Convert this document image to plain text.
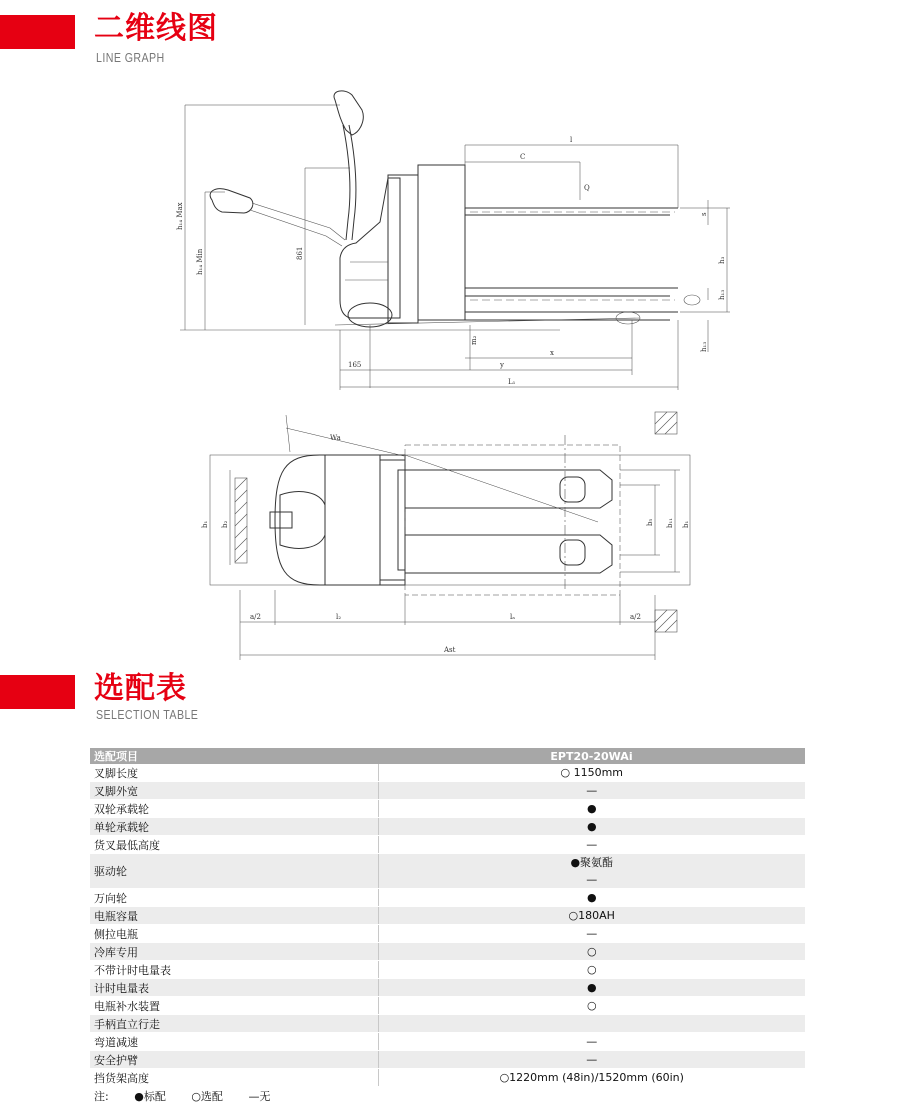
二维线图
LINE GRAPH
h₁₄ Max
h₁₄ Min	861
l
C
Q
h₃
s
h₁₃
h₁₃
m₂
x
y
165
L₁
Wa
b₁ b₂	b₅ b₁₁ b₁
a/2	l₂	lₐ	a/2
Ast
选配表
SELECTION TABLE
选配项目	EPT20-20WAi
叉脚长度	○ 1150mm
叉脚外宽	—
双轮承载轮	●
单轮承载轮	●
货叉最低高度	—
驱动轮	●聚氨酯
—

万向轮	●
电瓶容量	○180AH
侧拉电瓶	—
冷库专用	○
不带计时电量表	○
计时电量表	●
电瓶补水装置	○
手柄直立行走	
弯道减速	—
安全护臂	—
挡货架高度	○1220mm (48in)/1520mm (60in)
注: ●标配 ○选配 —无	
